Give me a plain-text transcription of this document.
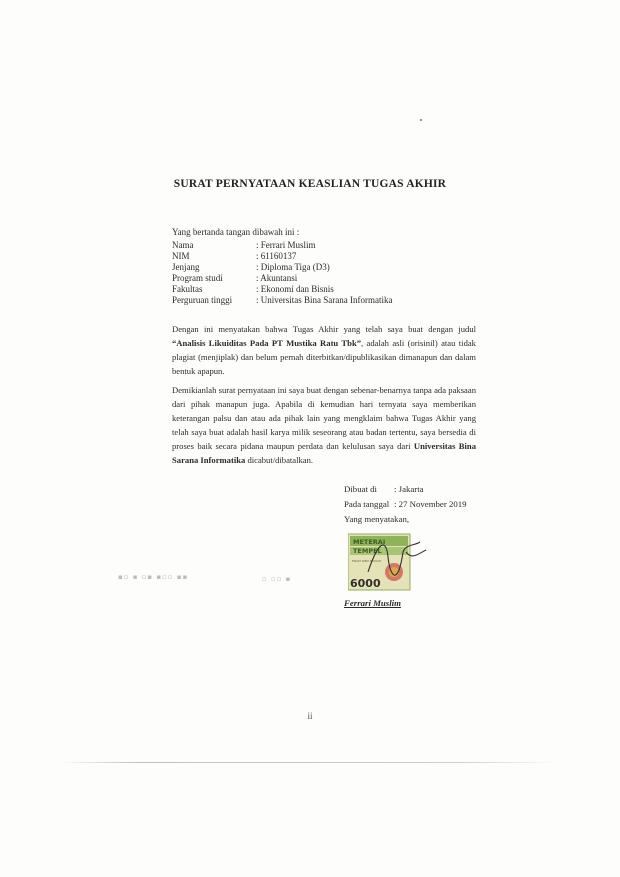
SURAT PERNYATAAN KEASLIAN TUGAS AKHIR
Yang bertanda tangan dibawah ini :
Nama	: Ferrari Muslim
NIM	: 61160137
Jenjang	: Diploma Tiga (D3)
Program studi	: Akuntansi
Fakultas	: Ekonomi dan Bisnis
Perguruan tinggi	: Universitas Bina Sarana Informatika
Dengan ini menyatakan bahwa Tugas Akhir yang telah saya buat dengan judul “Analisis Likuiditas Pada PT Mustika Ratu Tbk”, adalah asli (orisinil) atau tidak plagiat (menjiplak) dan belum pernah diterbitkan/dipublikasikan dimanapun dan dalam bentuk apapun.
Demikianlah surat pernyataan ini saya buat dengan sebenar-benarnya tanpa ada paksaan dari pihak manapun juga. Apabila di kemudian hari ternyata saya memberikan keterangan palsu dan atau ada pihak lain yang mengklaim bahwa Tugas Akhir yang telah saya buat adalah hasil karya milik seseorang atau badan tertentu, saya bersedia di proses baik secara pidana maupun perdata dan kelulusan saya dari Universitas Bina Sarana Informatika dicabut/dibatalkan.
Dibuat di	: Jakarta
Pada tanggal : 27 November 2019
Yang menyatakan,
METERAI
TEMPEL
ENAM RIBU RUPIAH
6000
Ferrari Muslim
▪▫ ▪ ▫▪ ▪▫▫ ▪▪	▫ ▫▫ ▪
ii
